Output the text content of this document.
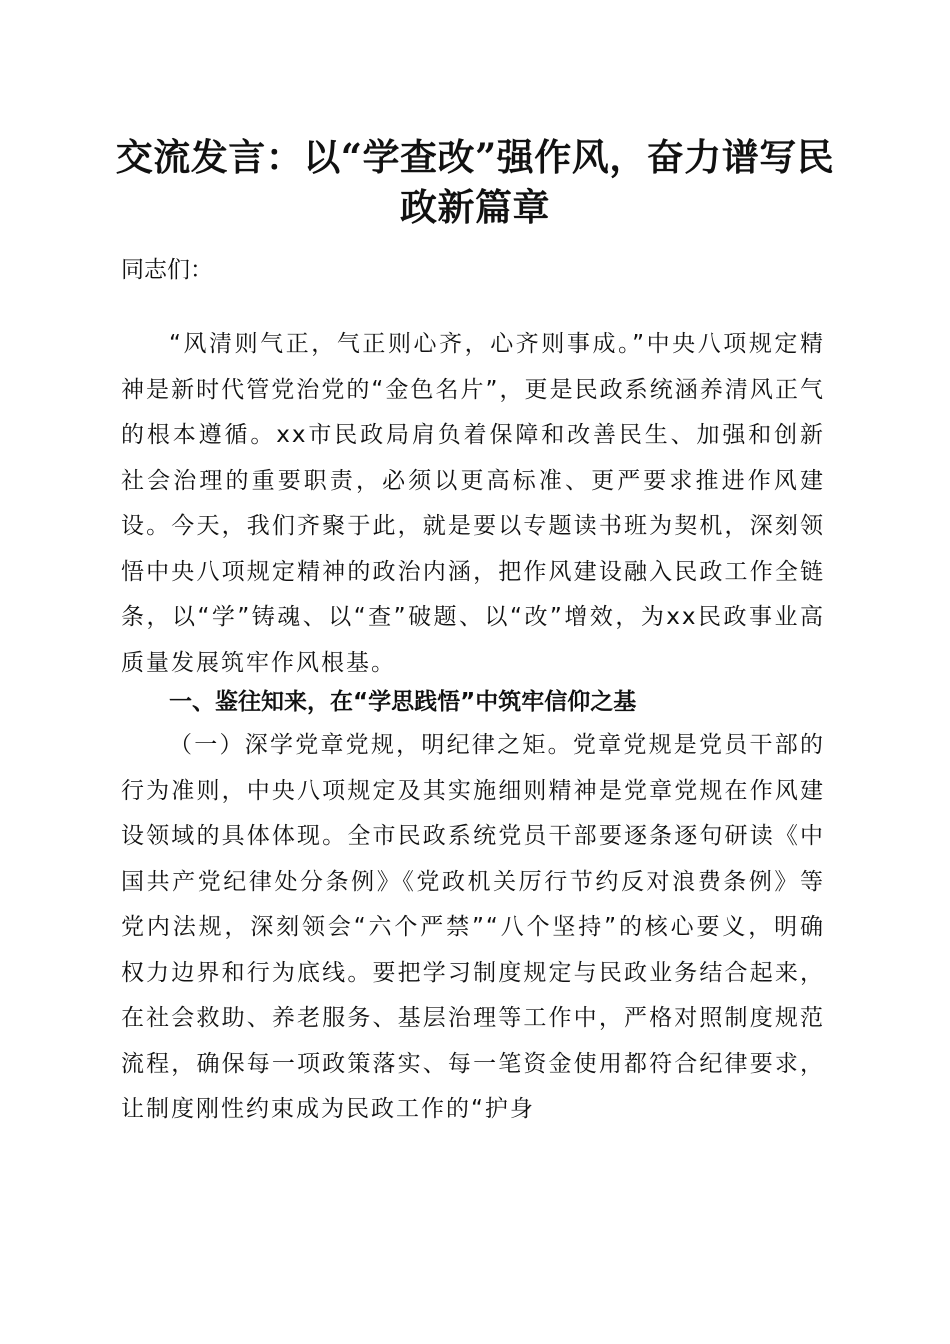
交流发言：以“学查改”强作风，奋力谱写民政新篇章

同志们：

“风清则气正，气正则心齐，心齐则事成。”中央八项规定精神是新时代管党治党的“金色名片”，更是民政系统涵养清风正气的根本遵循。xx市民政局肩负着保障和改善民生、加强和创新社会治理的重要职责，必须以更高标准、更严要求推进作风建设。今天，我们齐聚于此，就是要以专题读书班为契机，深刻领悟中央八项规定精神的政治内涵，把作风建设融入民政工作全链条，以“学”铸魂、以“查”破题、以“改”增效，为xx民政事业高质量发展筑牢作风根基。

一、鉴往知来，在“学思践悟”中筑牢信仰之基

（一）深学党章党规，明纪律之矩。党章党规是党员干部的行为准则，中央八项规定及其实施细则精神是党章党规在作风建设领域的具体体现。全市民政系统党员干部要逐条逐句研读《中国共产党纪律处分条例》《党政机关厉行节约反对浪费条例》等党内法规，深刻领会“六个严禁”“八个坚持”的核心要义，明确权力边界和行为底线。要把学习制度规定与民政业务结合起来，在社会救助、养老服务、基层治理等工作中，严格对照制度规范流程，确保每一项政策落实、每一笔资金使用都符合纪律要求，让制度刚性约束成为民政工作的“护身
